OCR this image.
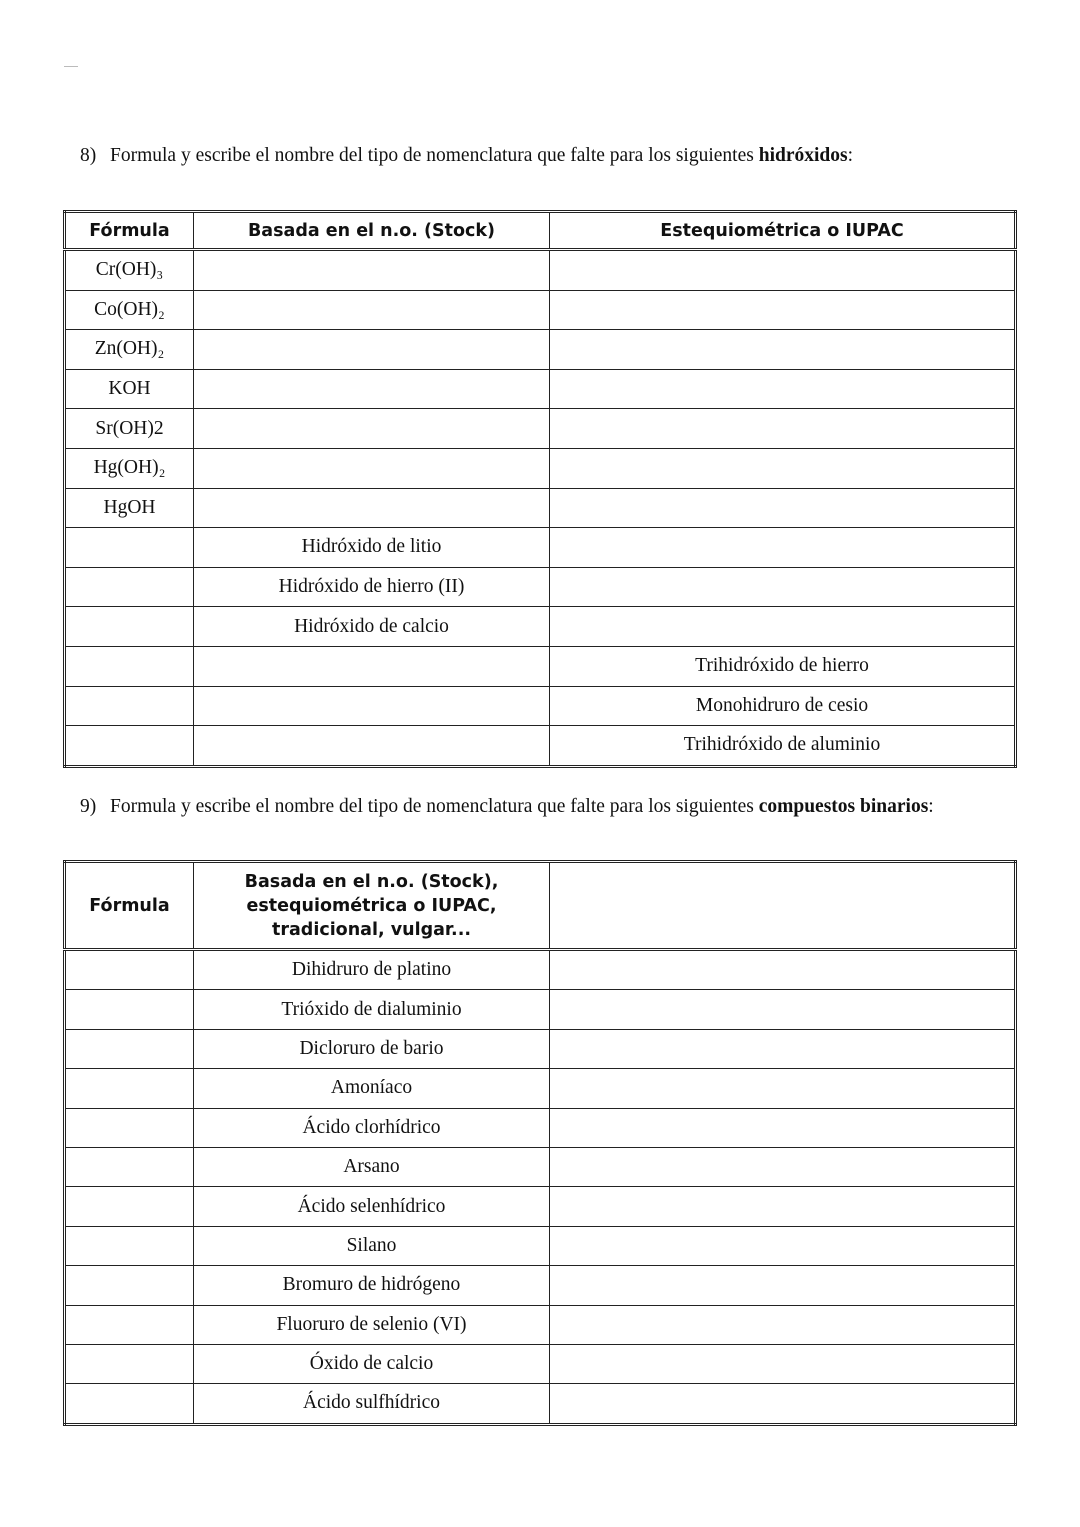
8) Formula y escribe el nombre del tipo de nomenclatura que falte para los siguientes hidróxidos:
Fórmula	Basada en el n.o. (Stock)	Estequiométrica o IUPAC
Cr(OH)₃		
Co(OH)₂		
Zn(OH)₂		
KOH		
Sr(OH)2		
Hg(OH)₂		
HgOH		
	Hidróxido de litio	
	Hidróxido de hierro (II)	
	Hidróxido de calcio	
		Trihidróxido de hierro
		Monohidruro de cesio
		Trihidróxido de aluminio
9) Formula y escribe el nombre del tipo de nomenclatura que falte para los siguientes compuestos binarios:
Fórmula	Basada en el n.o. (Stock), estequiométrica o IUPAC, tradicional, vulgar...	
	Dihidruro de platino	
	Trióxido de dialuminio	
	Dicloruro de bario	
	Amoníaco	
	Ácido clorhídrico	
	Arsano	
	Ácido selenhídrico	
	Silano	
	Bromuro de hidrógeno	
	Fluoruro de selenio (VI)	
	Óxido de calcio	
	Ácido sulfhídrico	
